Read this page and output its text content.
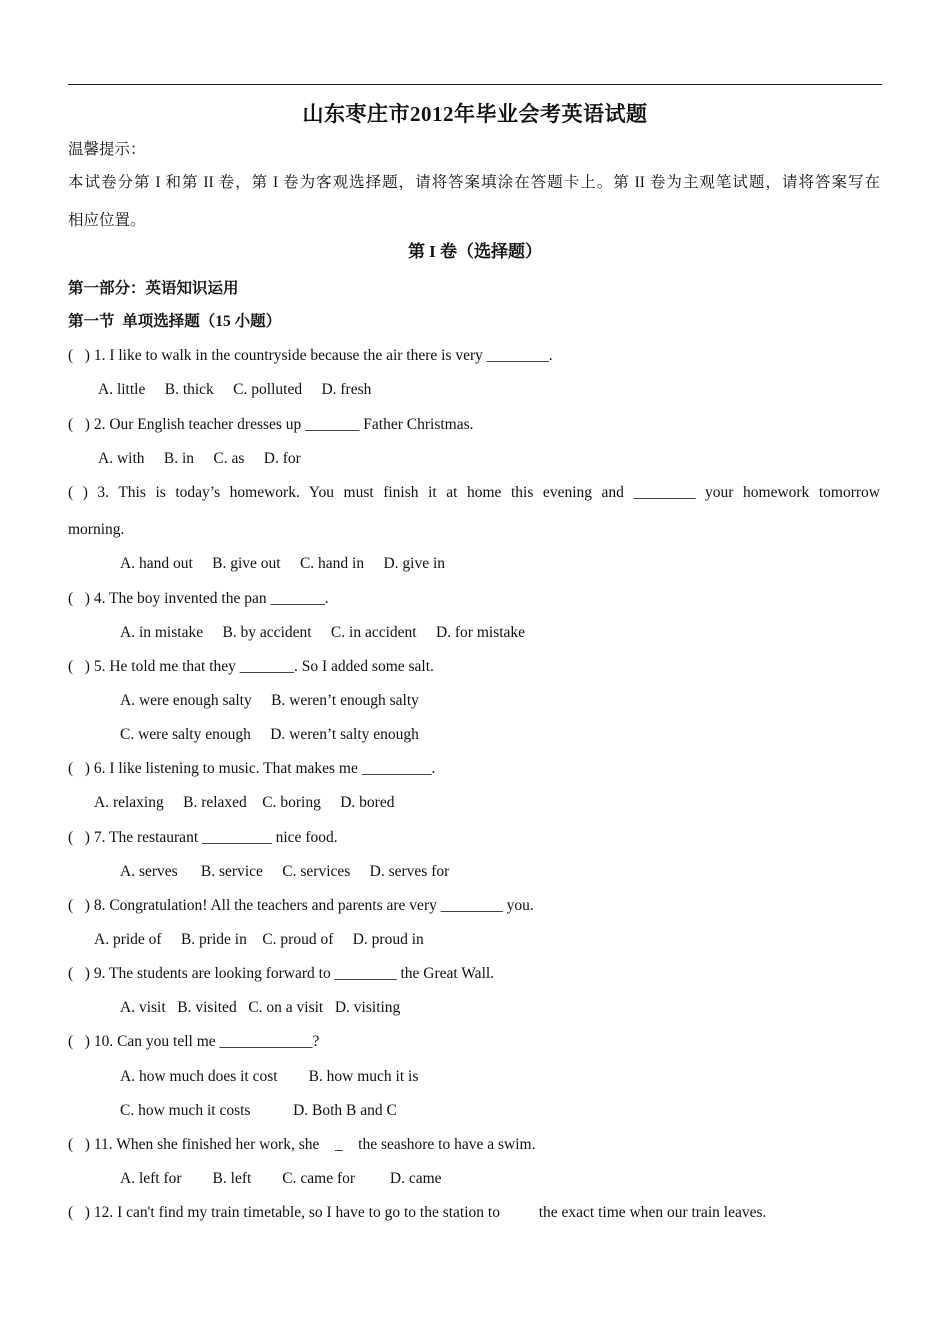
山东枣庄市2012年毕业会考英语试题
温馨提示：
本试卷分第 I 和第 II 卷，第 I 卷为客观选择题，请将答案填涂在答题卡上。第 II 卷为主观笔试题，请将答案写在
相应位置。
第 I 卷（选择题）
第一部分：英语知识运用
第一节  单项选择题（15 小题）
(   ) 1. I like to walk in the countryside because the air there is very ________.
A. little     B. thick     C. polluted     D. fresh
(   ) 2. Our English teacher dresses up _______ Father Christmas.
A. with     B. in     C. as     D. for
( ) 3. This is today’s homework. You must finish it at home this evening and ________ your homework tomorrow
morning.
A. hand out     B. give out     C. hand in     D. give in
(   ) 4. The boy invented the pan _______.
A. in mistake     B. by accident     C. in accident     D. for mistake
(   ) 5. He told me that they _______. So I added some salt.
A. were enough salty     B. weren’t enough salty
C. were salty enough     D. weren’t salty enough
(   ) 6. I like listening to music. That makes me _________.
A. relaxing     B. relaxed    C. boring     D. bored
(   ) 7. The restaurant _________ nice food.
A. serves      B. service     C. services     D. serves for
(   ) 8. Congratulation! All the teachers and parents are very ________ you.
A. pride of     B. pride in    C. proud of     D. proud in
(   ) 9. The students are looking forward to ________ the Great Wall.
A. visit   B. visited   C. on a visit   D. visiting
(   ) 10. Can you tell me ____________?
A. how much does it cost        B. how much it is
C. how much it costs           D. Both B and C
(   ) 11. When she finished her work, she    _    the seashore to have a swim.
A. left for        B. left        C. came for         D. came
(   ) 12. I can't find my train timetable, so I have to go to the station to          the exact time when our train leaves.
